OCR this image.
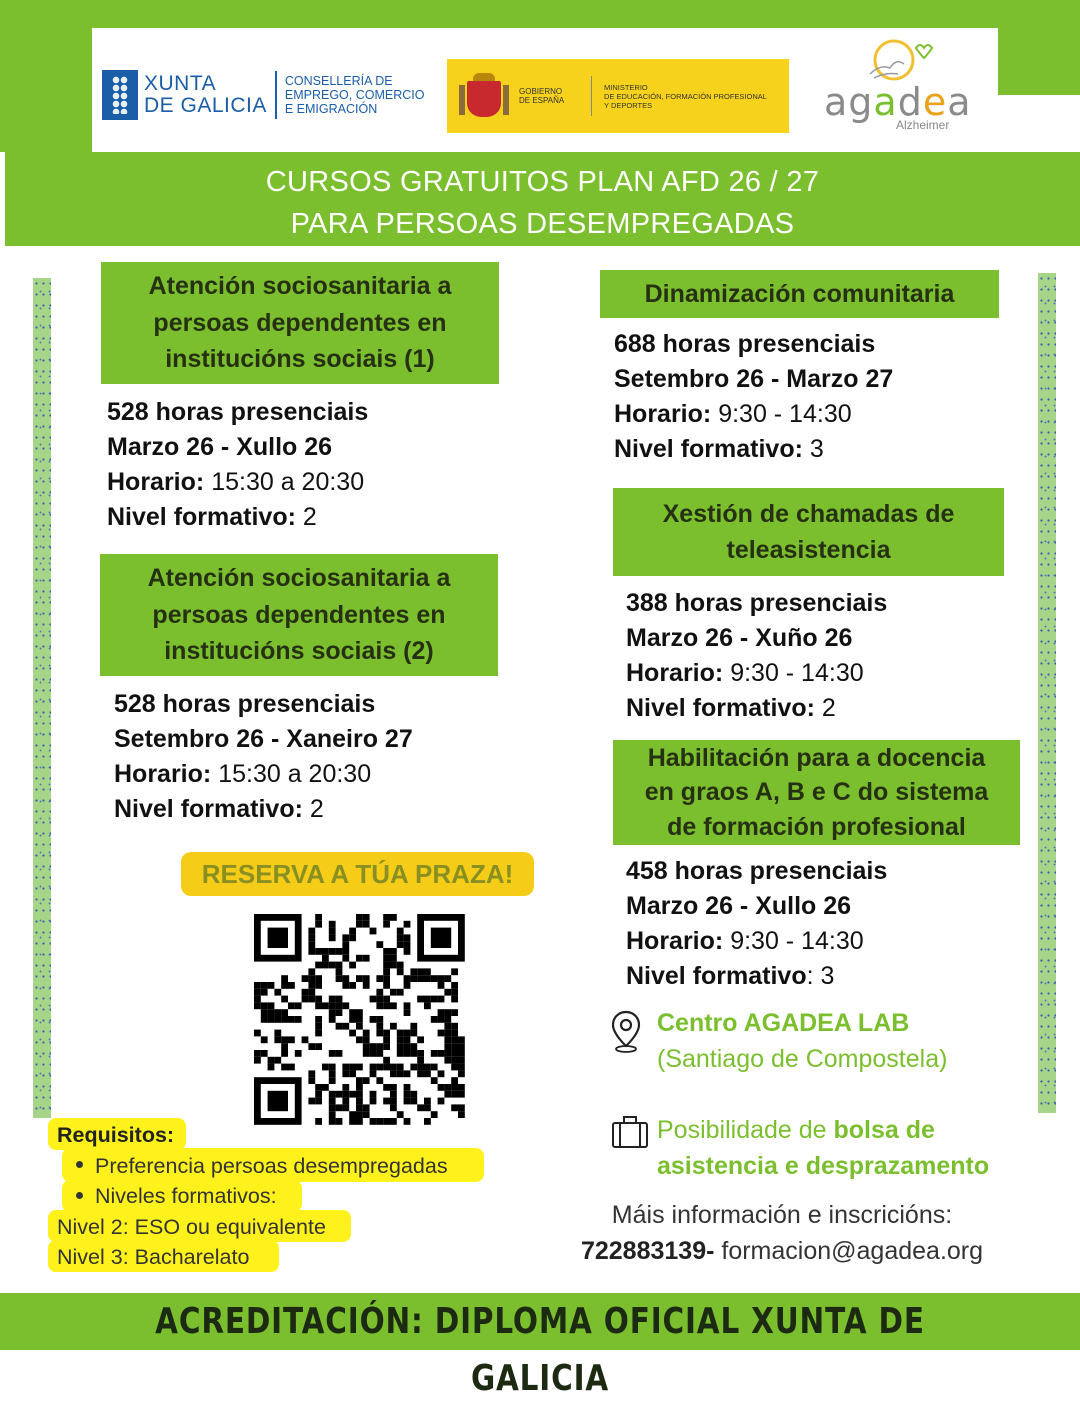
XUNTA
DE GALICIA
CONSELLERÍA DE
EMPREGO, COMERCIO
E EMIGRACIÓN
GOBIERNO
DE ESPAÑA
MINISTERIO
DE EDUCACIÓN, FORMACIÓN PROFESIONAL
Y DEPORTES	agadea
Alzheimer
CURSOS GRATUITOS PLAN AFD 26 / 27
PARA PERSOAS DESEMPREGADAS
Atención sociosanitaria a
persoas dependentes en
institucións sociais (1)
528 horas presenciais
Marzo 26 - Xullo 26
Horario: 15:30 a 20:30
Nivel formativo: 2
Atención sociosanitaria a
persoas dependentes en
institucións sociais (2)
528 horas presenciais
Setembro 26 - Xaneiro 27
Horario: 15:30 a 20:30
Nivel formativo: 2
Dinamización comunitaria
688 horas presenciais
Setembro 26 - Marzo 27
Horario: 9:30 - 14:30
Nivel formativo: 3
Xestión de chamadas de
teleasistencia
388 horas presenciais
Marzo 26 - Xuño 26
Horario: 9:30 - 14:30
Nivel formativo: 2
Habilitación para a docencia
en graos A, B e C do sistema
de formación profesional
458 horas presenciais
Marzo 26 - Xullo 26
Horario: 9:30 - 14:30
Nivel formativo: 3
RESERVA A TÚA PRAZA!
Requisitos:
Preferencia persoas desempregadas
Niveles formativos:
Nivel 2: ESO ou equivalente
Nivel 3: Bacharelato
Centro AGADEA LAB
(Santiago de Compostela)
Posibilidade de bolsa de
asistencia e desprazamento
Máis información e inscricións:
722883139- formacion@agadea.org
ACREDITACIÓN: DIPLOMA OFICIAL XUNTA DE GALICIA
